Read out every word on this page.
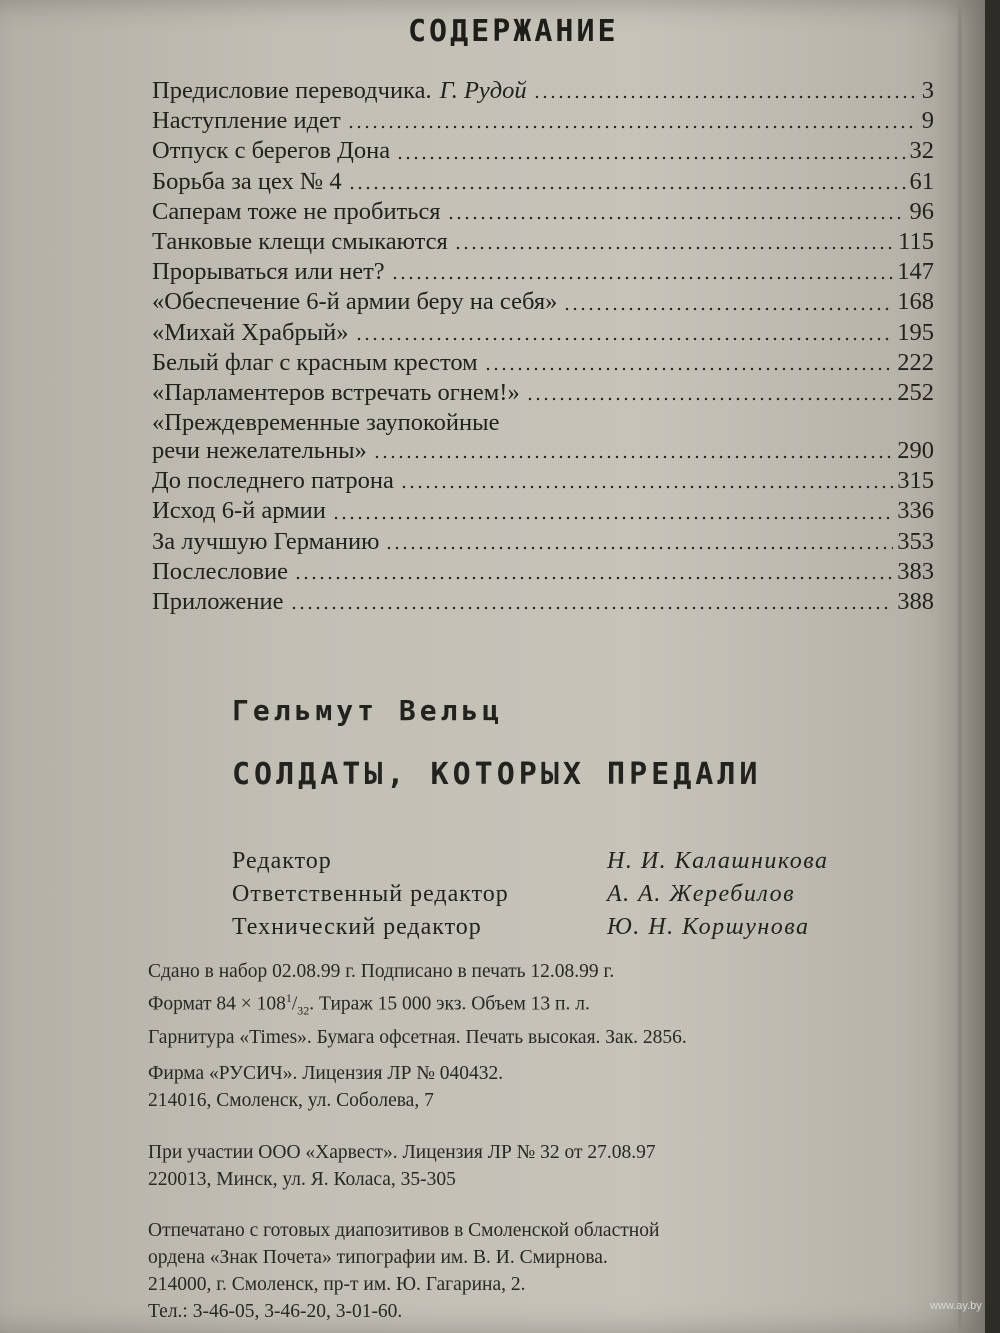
СОДЕРЖАНИЕ
Предисловие переводчика. Г. Рудой	3
Наступление идет	9
Отпуск с берегов Дона	32
Борьба за цех № 4	61
Саперам тоже не пробиться	96
Танковые клещи смыкаются	115
Прорываться или нет?	147
«Обеспечение 6-й армии беру на себя»	168
«Михай Храбрый»	195
Белый флаг с красным крестом	222
«Парламентеров встречать огнем!»	252
«Преждевременные заупокойные
речи нежелательны»	290
До последнего патрона	315
Исход 6-й армии	336
За лучшую Германию	353
Послесловие	383
Приложение	388
Гельмут Вельц
СОЛДАТЫ, КОТОРЫХ ПРЕДАЛИ
Редактор	Н. И. Калашникова
Ответственный редактор	А. А. Жеребилов
Технический редактор	Ю. Н. Коршунова
Сдано в набор 02.08.99 г. Подписано в печать 12.08.99 г.
Формат $84 \times 108^1/_{32}$. Тираж 15 000 экз. Объем 13 п. л.
Гарнитура «Times». Бумага офсетная. Печать высокая. Зак. 2856.
Фирма «РУСИЧ». Лицензия ЛР № 040432.
214016, Смоленск, ул. Соболева, 7
При участии ООО «Харвест». Лицензия ЛР № 32 от 27.08.97
220013, Минск, ул. Я. Коласа, 35-305
Отпечатано с готовых диапозитивов в Смоленской областной
ордена «Знак Почета» типографии им. В. И. Смирнова.
214000, г. Смоленск, пр-т им. Ю. Гагарина, 2.
Тел.: 3-46-05, 3-46-20, 3-01-60.	www.ay.by
